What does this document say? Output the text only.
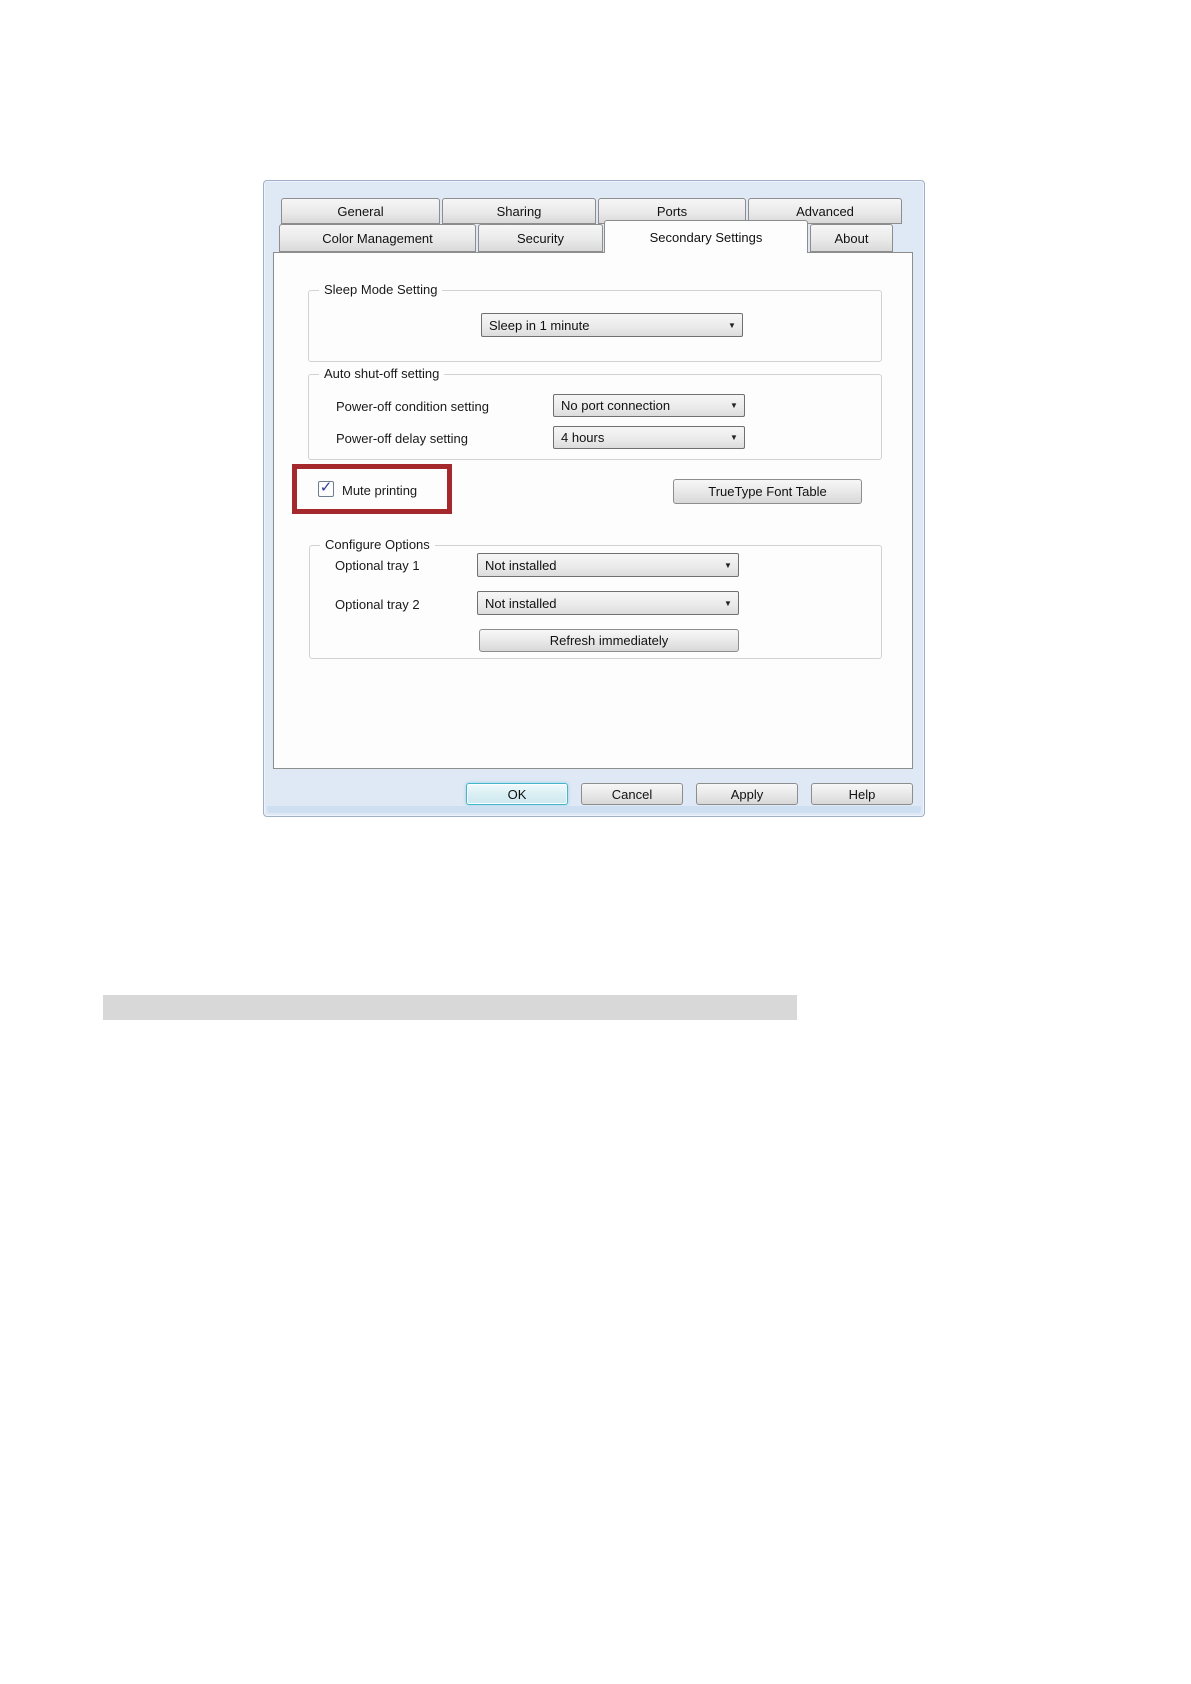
General	Sharing	Ports	Advanced
Color Management	Security	Secondary Settings	About
Sleep Mode Setting
Sleep in 1 minute	▼
Auto shut-off setting
Power-off condition setting	No port connection	▼
Power-off delay setting	4 hours	▼
✓ Mute printing	TrueType Font Table
Configure Options
Optional tray 1	Not installed	▼
Optional tray 2	Not installed	▼
Refresh immediately
OK	Cancel	Apply	Help
